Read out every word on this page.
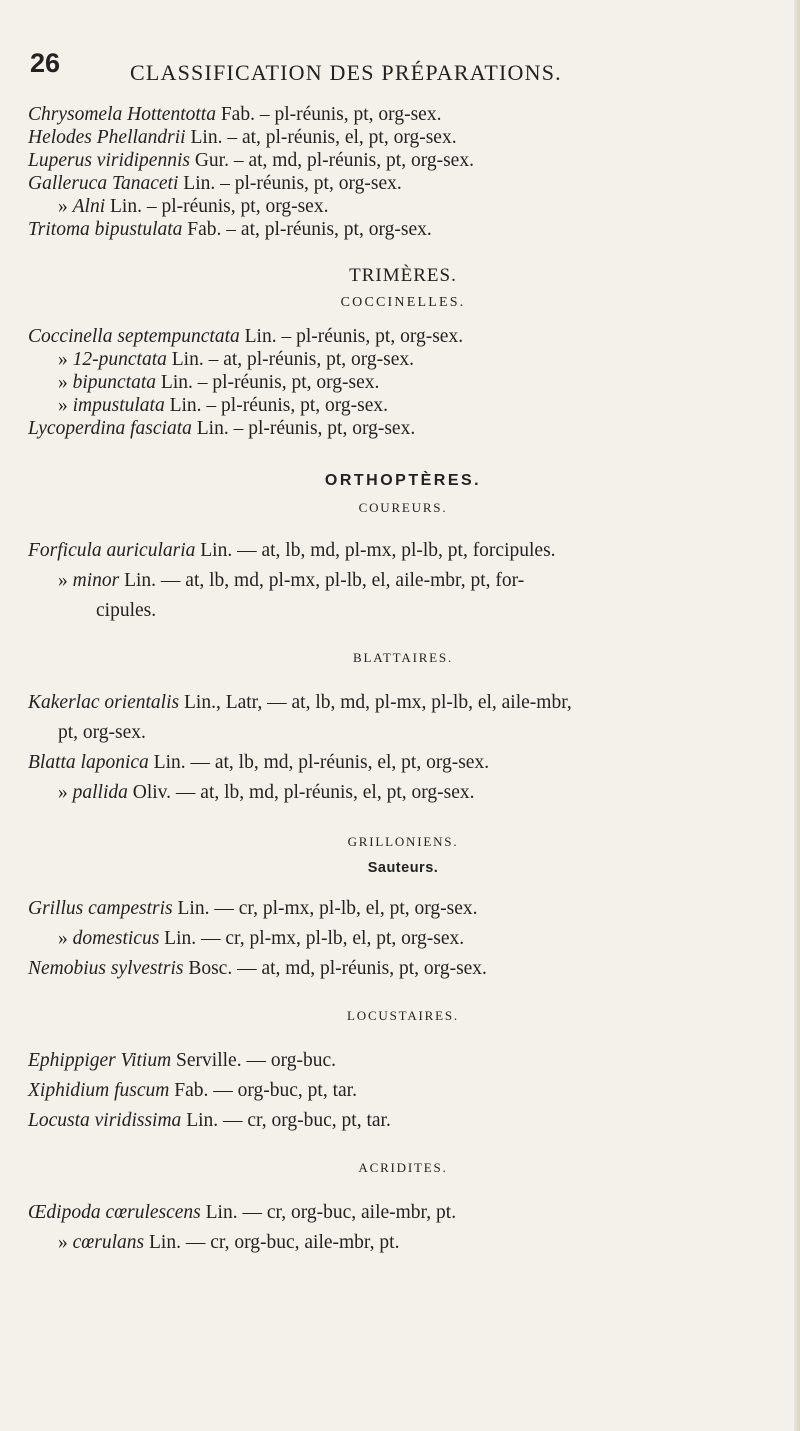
26	CLASSIFICATION DES PRÉPARATIONS.
Chrysomela Hottentotta Fab. – pl-réunis, pt, org-sex.
Helodes Phellandrii Lin. – at, pl-réunis, el, pt, org-sex.
Luperus viridipennis Gur. – at, md, pl-réunis, pt, org-sex.
Galleruca Tanaceti Lin. – pl-réunis, pt, org-sex.
» Alni Lin. – pl-réunis, pt, org-sex.
Tritoma bipustulata Fab. – at, pl-réunis, pt, org-sex.
TRIMÈRES.
COCCINELLES.
Coccinella septempunctata Lin. – pl-réunis, pt, org-sex.
» 12-punctata Lin. – at, pl-réunis, pt, org-sex.
» bipunctata Lin. – pl-réunis, pt, org-sex.
» impustulata Lin. – pl-réunis, pt, org-sex.
Lycoperdina fasciata Lin. – pl-réunis, pt, org-sex.
ORTHOPTÈRES.
COUREURS.
Forficula auricularia Lin. — at, lb, md, pl-mx, pl-lb, pt, forcipules.
» minor Lin. — at, lb, md, pl-mx, pl-lb, el, aile-mbr, pt, for-
cipules.
BLATTAIRES.
Kakerlac orientalis Lin., Latr, — at, lb, md, pl-mx, pl-lb, el, aile-mbr,
pt, org-sex.
Blatta laponica Lin. — at, lb, md, pl-réunis, el, pt, org-sex.
» pallida Oliv. — at, lb, md, pl-réunis, el, pt, org-sex.
GRILLONIENS.
Sauteurs.
Grillus campestris Lin. — cr, pl-mx, pl-lb, el, pt, org-sex.
» domesticus Lin. — cr, pl-mx, pl-lb, el, pt, org-sex.
Nemobius sylvestris Bosc. — at, md, pl-réunis, pt, org-sex.
LOCUSTAIRES.
Ephippiger Vitium Serville. — org-buc.
Xiphidium fuscum Fab. — org-buc, pt, tar.
Locusta viridissima Lin. — cr, org-buc, pt, tar.
ACRIDITES.
Œdipoda cœrulescens Lin. — cr, org-buc, aile-mbr, pt.
» cœrulans Lin. — cr, org-buc, aile-mbr, pt.
